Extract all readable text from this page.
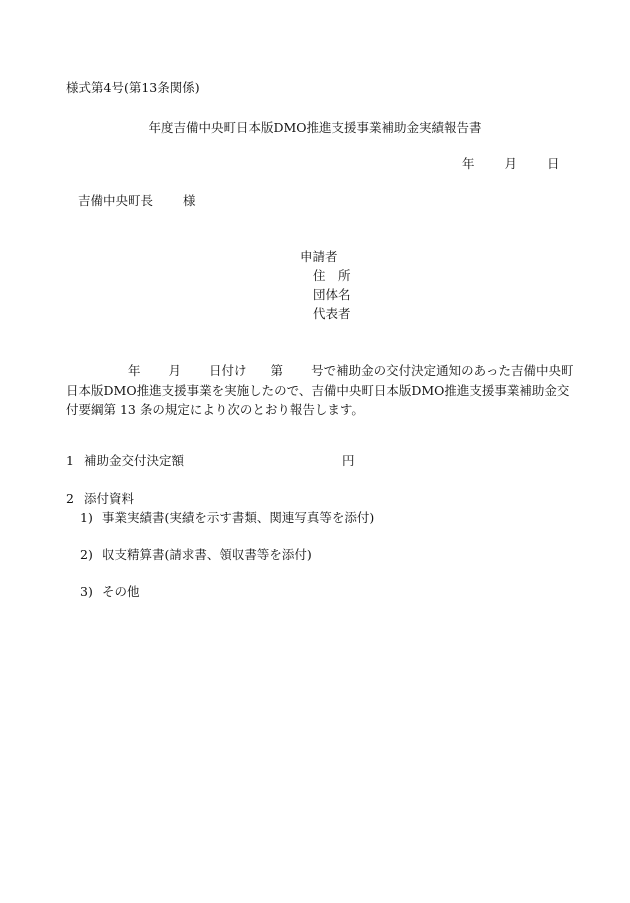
様式第4号(第13条関係)
年度吉備中央町日本版DMO推進支援事業補助金実績報告書
年 月 日
吉備中央町長 様
申請者
住　所
団体名
代表者
年 月 日付け 第 号で補助金の交付決定通知のあった吉備中央町日本版DMO推進支援事業を実施したので、吉備中央町日本版DMO推進支援事業補助金交付要綱第 13 条の規定により次のとおり報告します。
1 補助金交付決定額	円
2 添付資料
1) 事業実績書(実績を示す書類、関連写真等を添付)
2) 収支精算書(請求書、領収書等を添付)
3) その他
